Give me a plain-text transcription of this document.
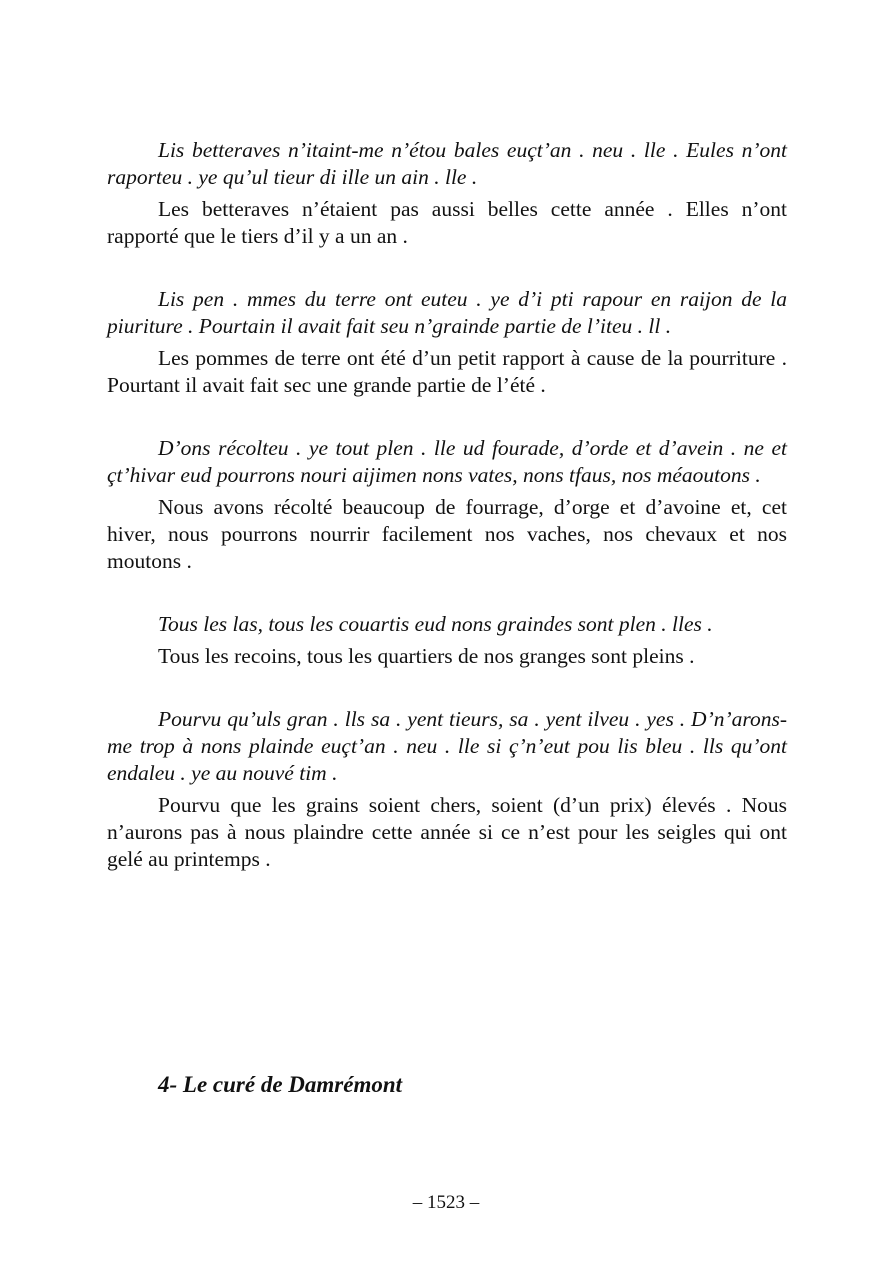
Lis betteraves n’itaint-me n’étou bales euçt’an . neu . lle . Eules n’ont raporteu . ye qu’ul tieur di ille un ain . lle .

Les betteraves n’étaient pas aussi belles cette année . Elles n’ont rapporté que le tiers d’il y a un an .

Lis pen . mmes du terre ont euteu . ye d’i pti rapour en raijon de la piuriture . Pourtain il avait fait seu n’grainde partie de l’iteu . ll .

Les pommes de terre ont été d’un petit rapport à cause de la pourriture . Pourtant il avait fait sec une grande partie de l’été .

D’ons récolteu . ye tout plen . lle ud fourade, d’orde et d’avein . ne et çt’hivar eud pourrons nouri aijimen nons vates, nons tfaus, nos méaoutons .

Nous avons récolté beaucoup de fourrage, d’orge et d’avoine et, cet hiver, nous pourrons nourrir facilement nos vaches, nos chevaux et nos moutons .

Tous les las, tous les couartis eud nons graindes sont plen . lles .

Tous les recoins, tous les quartiers de nos granges sont pleins .

Pourvu qu’uls gran . lls sa . yent tieurs, sa . yent ilveu . yes . D’n’arons-me trop à nons plainde euçt’an . neu . lle si ç’n’eut pou lis bleu . lls qu’ont endaleu . ye au nouvé tim .

Pourvu que les grains soient chers, soient (d’un prix) élevés . Nous n’aurons pas à nous plaindre cette année si ce n’est pour les seigles qui ont gelé au printemps .

4- Le curé de Damrémont

– 1523 –
